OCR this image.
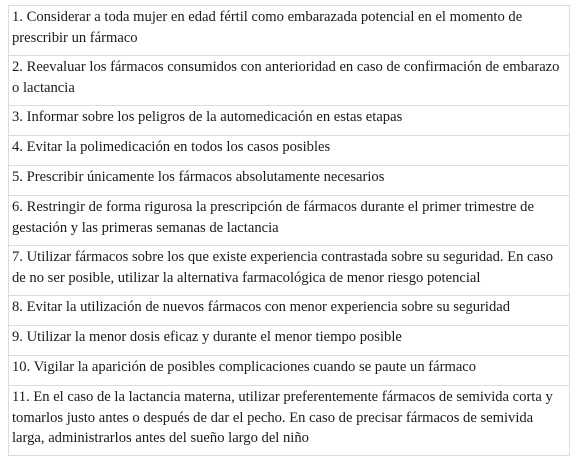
1. Considerar a toda mujer en edad fértil como embarazada potencial en el momento de prescribir un fármaco
2. Reevaluar los fármacos consumidos con anterioridad en caso de confirmación de embarazo o lactancia
3. Informar sobre los peligros de la automedicación en estas etapas
4. Evitar la polimedicación en todos los casos posibles
5. Prescribir únicamente los fármacos absolutamente necesarios
6. Restringir de forma rigurosa la prescripción de fármacos durante el primer trimestre de gestación y las primeras semanas de lactancia
7. Utilizar fármacos sobre los que existe experiencia contrastada sobre su seguridad. En caso de no ser posible, utilizar la alternativa farmacológica de menor riesgo potencial
8. Evitar la utilización de nuevos fármacos con menor experiencia sobre su seguridad
9. Utilizar la menor dosis eficaz y durante el menor tiempo posible
10. Vigilar la aparición de posibles complicaciones cuando se paute un fármaco
11. En el caso de la lactancia materna, utilizar preferentemente fármacos de semivida corta y tomarlos justo antes o después de dar el pecho. En caso de precisar fármacos de semivida larga, administrarlos antes del sueño largo del niño
